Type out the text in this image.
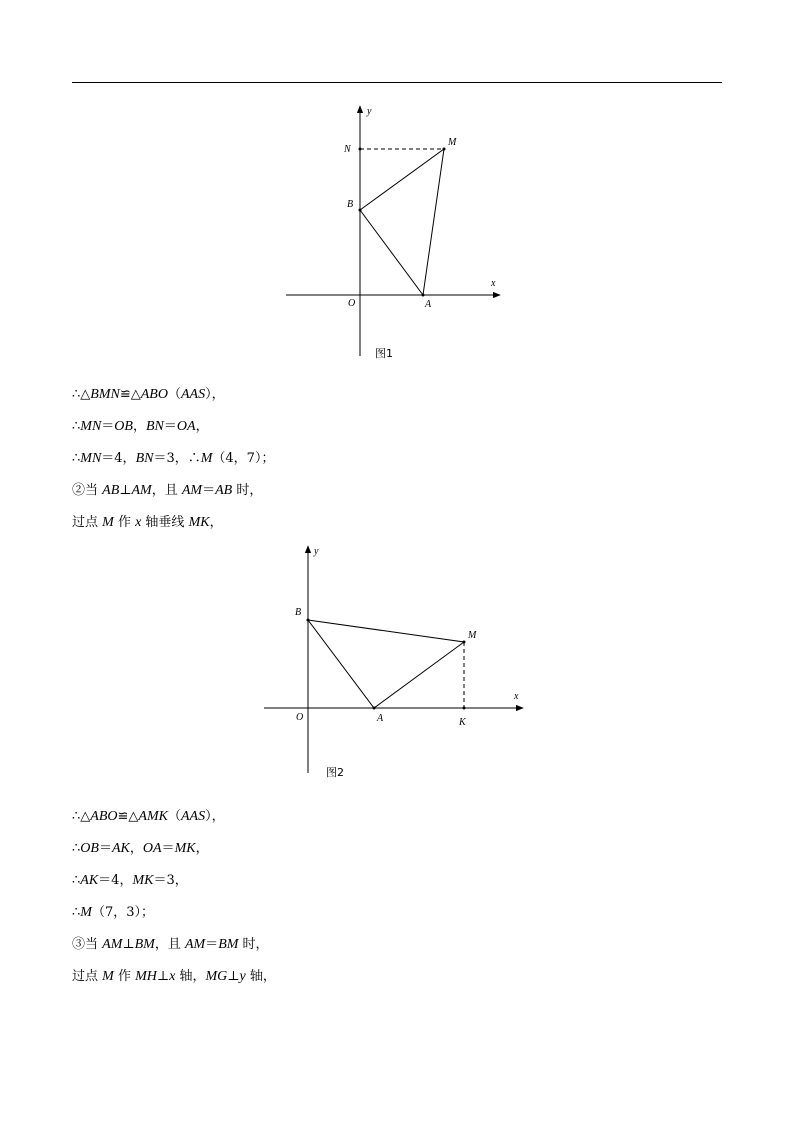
y
x
N
M
B
O	A
图1
∴△BMN≌△ABO（AAS），
∴MN＝OB，BN＝OA，
∴MN＝4，BN＝3，∴M（4，7）；
②当 AB⊥AM，且 AM＝AB 时，
过点 M 作 x 轴垂线 MK，
y
x
B
M
O	A	K
图2
∴△ABO≌△AMK（AAS），
∴OB＝AK，OA＝MK，
∴AK＝4，MK＝3，
∴M（7，3）；
③当 AM⊥BM，且 AM＝BM 时，
过点 M 作 MH⊥x 轴，MG⊥y 轴，
